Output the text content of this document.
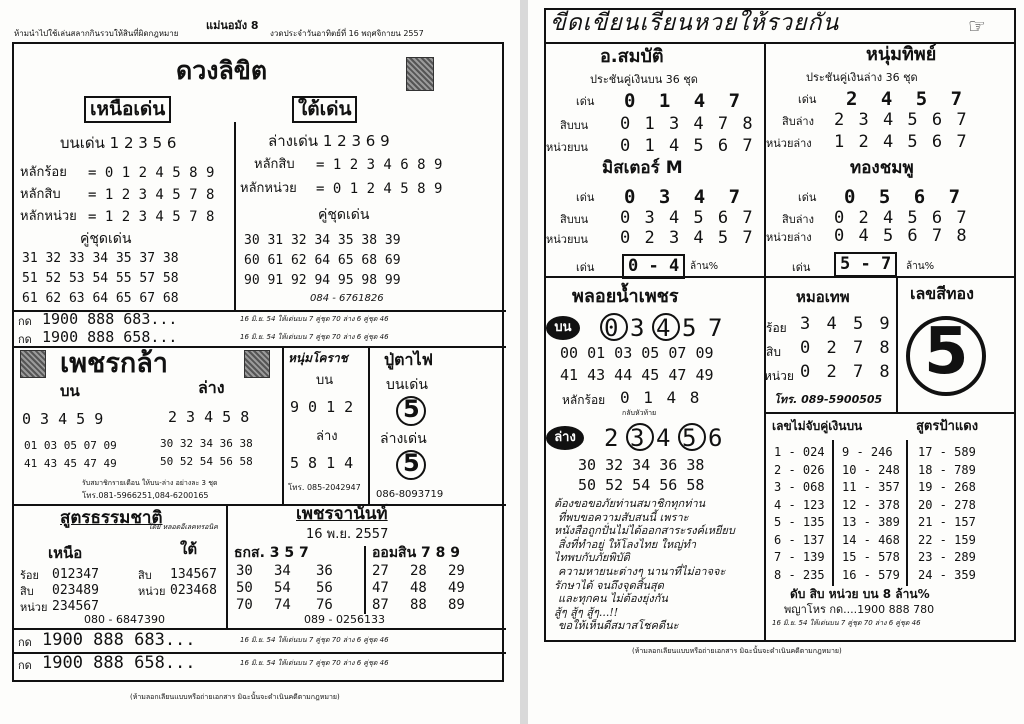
ห้ามนำไปใช้เล่นสลากกินรวบให้สินที่ผิดกฎหมาย
แม่นอมัง 8
งวดประจำวันอาทิตย์ที่ 16 พฤศจิกายน 2557
ดวงลิขิต
เหนือเด่น	ใต้เด่น
บนเด่น 1 2 3 5 6
หลักร้อย = 0 1 2 4 5 8 9
หลักสิบ = 1 2 3 4 5 7 8
หลักหน่วย = 1 2 3 4 5 7 8
คู่ชุดเด่น
31 32 33 34 35 37 38
51 52 53 54 55 57 58
61 62 63 64 65 67 68
ล่างเด่น 1 2 3 6 9
หลักสิบ = 1 2 3 4 6 8 9
หลักหน่วย = 0 1 2 4 5 8 9
คู่ชุดเด่น
30 31 32 34 35 38 39
60 61 62 64 65 68 69
90 91 92 94 95 98 99
084 - 6761826
กด 1900 888 683...	16 มิ.ย. 54 ให้เด่นบน 7 คู่ชุด 70 ล่าง 6 คู่ชุด 46
กด 1900 888 658...	16 มิ.ย. 54 ให้เด่นบน 7 คู่ชุด 70 ล่าง 6 คู่ชุด 46
เพชรกล้า
บน	ล่าง
0 3 4 5 9	2 3 4 5 8
01 03 05 07 09
41 43 45 47 49
30 32 34 36 38
50 52 54 56 58
รับสมาชิกรายเดือน ให้บน-ล่าง อย่างละ 3 ชุด
โทร.081-5966251,084-6200165
หนุ่มโคราช
บน
9 0 1 2
ล่าง
5 8 1 4
โทร. 085-2042947
ปู่ตาไฟ
บนเด่น
5
ล่างเด่น
5
086-8093719
สูตรธรรมชาติ
โดย หลอดอีเลคทรอนิค
เหนือ	ใต้
ร้อย 012347
สิบ 023489
หน่วย 234567
สิบ 134567
หน่วย 023468
080 - 6847390
เพชรจานันท์
16 พ.ย. 2557
ธกส. 3 5 7	ออมสิน 7 8 9
30 34 36	27 28 29
50 54 56	47 48 49
70 74 76	87 88 89
089 - 0256133
กด 1900 888 683...	16 มิ.ย. 54 ให้เด่นบน 7 คู่ชุด 70 ล่าง 6 คู่ชุด 46
กด 1900 888 658...	16 มิ.ย. 54 ให้เด่นบน 7 คู่ชุด 70 ล่าง 6 คู่ชุด 46
(ห้ามลอกเลียนแบบหรือถ่ายเอกสาร มิฉะนั้นจะดำเนินคดีตามกฎหมาย)
ขีดเขียนเรียนหวยให้รวยกัน	☞
อ.สมบัติ
ประชันคู่เงินบน 36 ชุด
เด่น 0 1 4 7
สิบบน 0 1 3 4 7 8
หน่วยบน 0 1 4 5 6 7
มิสเตอร์ M
เด่น 0 3 4 7
สิบบน 0 3 4 5 6 7
หน่วยบน 0 2 3 4 5 7
เด่น	0 - 4	ล้าน%
หนุ่มทิพย์
ประชันคู่เงินล่าง 36 ชุด
เด่น 2 4 5 7
สิบล่าง 2 3 4 5 6 7
หน่วยล่าง 1 2 4 5 6 7
ทองชมพู
เด่น 0 5 6 7
สิบล่าง 0 2 4 5 6 7
หน่วยล่าง 0 4 5 6 7 8
เด่น	5 - 7	ล้าน%
พลอยน้ำเพชร
บน	0 3 4 5 7
00 01 03 05 07 09
41 43 44 45 47 49
หลักร้อย 0 1 4 8
กลับหัวท้าย
ล่าง	2 3 4 5 6
30 32 34 36 38
50 52 54 56 58
ต้องขอขอภัยท่านสมาชิกทุกท่าน
ที่พบขอความสับสนนี้ เพราะ
หนังสือถูกปั่นไม่ได้ออกสาระรงค์เหยียบ
สิ่งที่ทำอยู่ ให้โลงไทย ใหญ่ทำ
ไทพบกับภัยพิบัติ
ความหายนะต่างๆ นานาที่ไม่อาจจะ
รักษาได้ จนถึงจุดสิ้นสุด
และทุกคน ไม่ต้องยุ่งกัน
สู้ๆ สู้ๆ สู้ๆ...!!
ขอให้เห็นดีสมาสโชคดีนะ
หมอเทพ
ร้อย 3 4 5 9
สิบ 0 2 7 8
หน่วย 0 2 7 8
โทร. 089-5900505
เลขสีทอง
5
เลขไม่จับคู่เงินบน	สูตรป้าแดง
1 - 024
2 - 026
3 - 068
4 - 123
5 - 135
6 - 137
7 - 139
8 - 235
9 - 246
10 - 248
11 - 357
12 - 378
13 - 389
14 - 468
15 - 578
16 - 579
17 - 589
18 - 789
19 - 268
20 - 278
21 - 157
22 - 159
23 - 289
24 - 359
ดับ สิบ หน่วย บน 8 ล้าน%
พญาโหร กด....1900 888 780
16 มิ.ย. 54 ให้เด่นบน 7 คู่ชุด 70 ล่าง 6 คู่ชุด 46
(ห้ามลอกเลียนแบบหรือถ่ายเอกสาร มิฉะนั้นจะดำเนินคดีตามกฎหมาย)
